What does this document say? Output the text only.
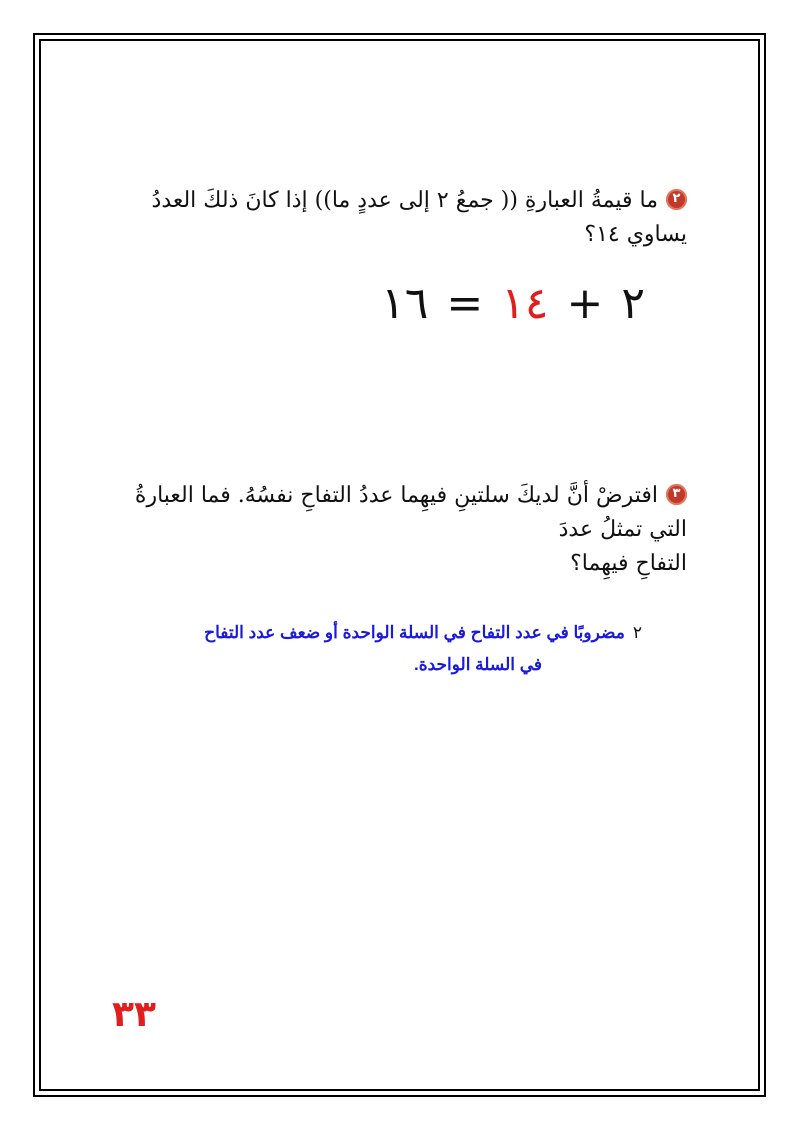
٢ما قيمةُ العبارةِ (( جمعُ ٢ إلى عددٍ ما)) إذا كانَ ذلكَ العددُ
يساوي ١٤؟
٢+١٤=١٦
٣افترضْ أنَّ لديكَ سلتينِ فيهِما عددُ التفاحِ نفسُهُ. فما العبارةُ التي تمثلُ عددَ
التفاحِ فيهِما؟
٢مضروبًا في عدد التفاح في السلة الواحدة أو ضعف عدد التفاح
في السلة الواحدة.
٣٣
